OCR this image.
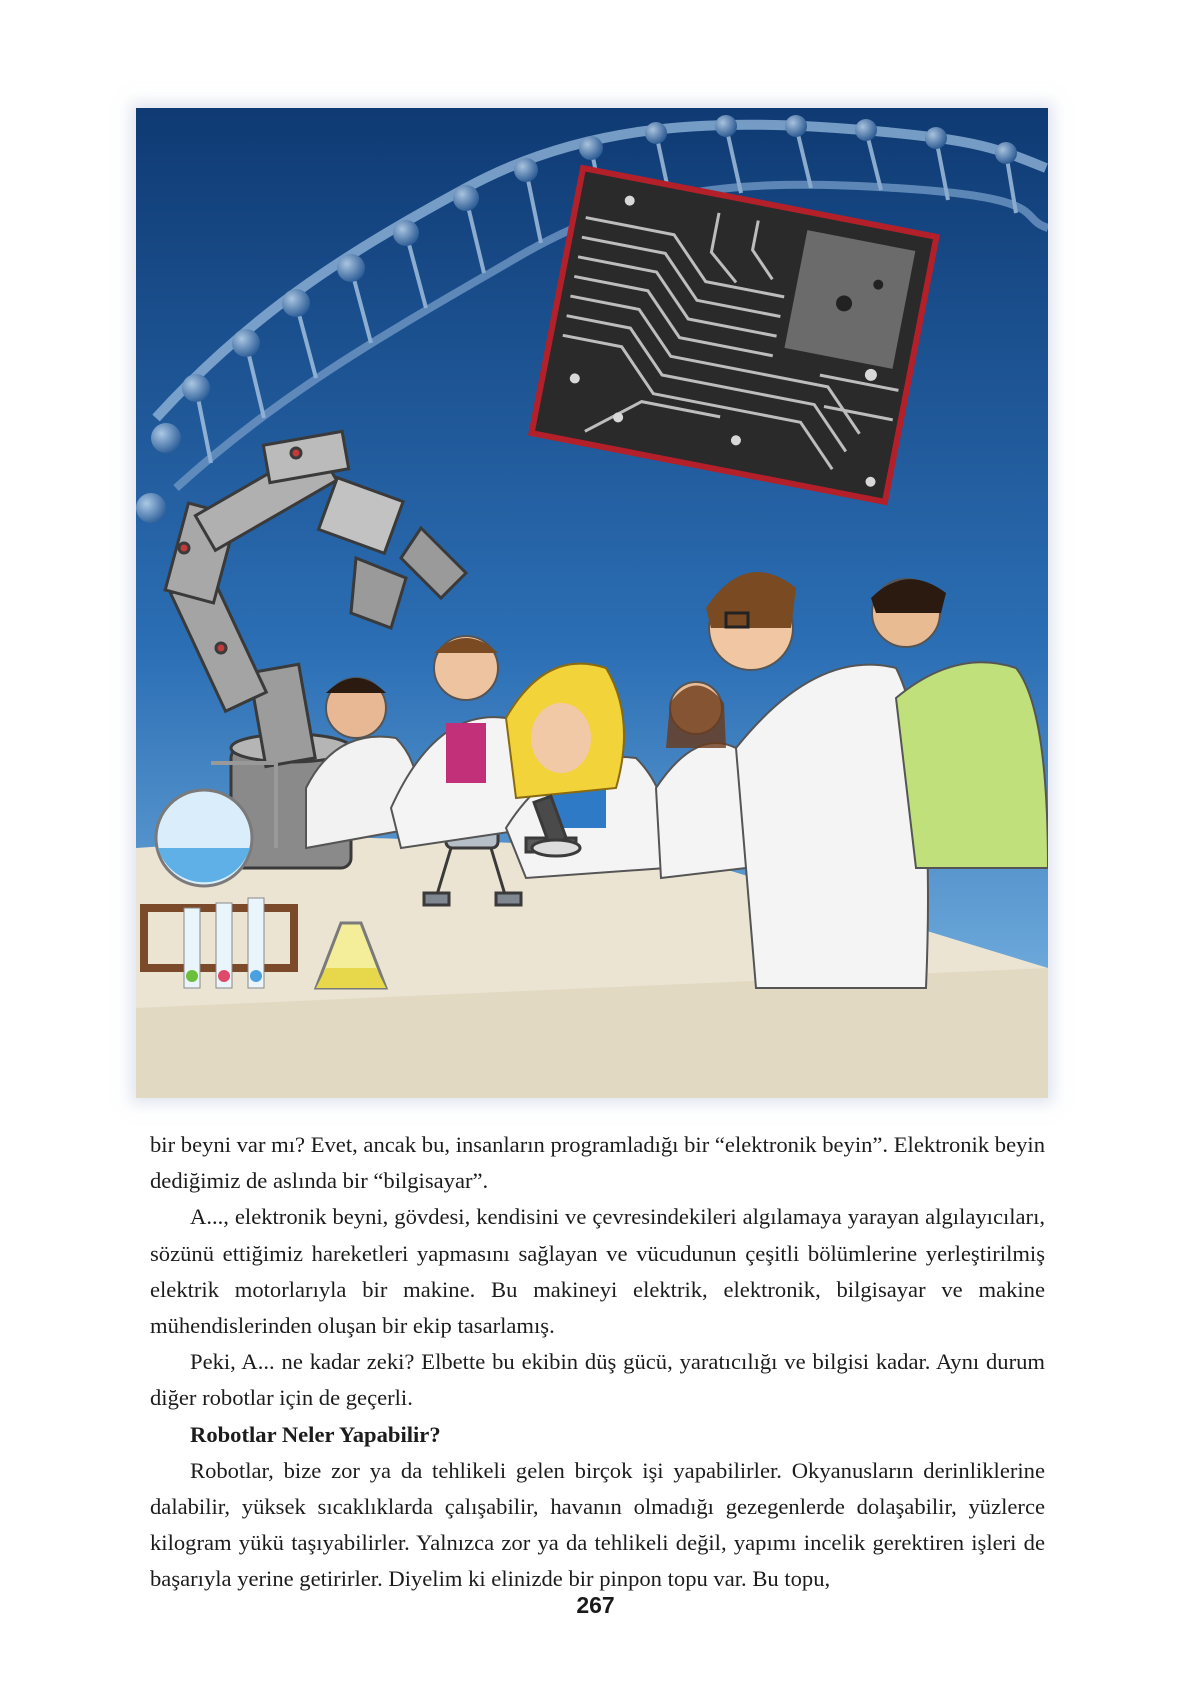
bir beyni var mı? Evet, ancak bu, insanların programladığı bir “elektronik beyin”. Elektronik beyin dediğimiz de aslında bir “bilgisayar”.

A..., elektronik beyni, gövdesi, kendisini ve çevresindekileri algılamaya yarayan algılayıcıları, sözünü ettiğimiz hareketleri yapmasını sağlayan ve vücudunun çeşitli bölümlerine yerleştirilmiş elektrik motorlarıyla bir makine. Bu makineyi elektrik, elektronik, bilgisayar ve makine mühendislerinden oluşan bir ekip tasarlamış.

Peki, A... ne kadar zeki? Elbette bu ekibin düş gücü, yaratıcılığı ve bilgisi kadar. Aynı durum diğer robotlar için de geçerli.

Robotlar Neler Yapabilir?

Robotlar, bize zor ya da tehlikeli gelen birçok işi yapabilirler. Okyanusların derinliklerine dalabilir, yüksek sıcaklıklarda çalışabilir, havanın olmadığı gezegenlerde dolaşabilir, yüzlerce kilogram yükü taşıyabilirler. Yalnızca zor ya da tehlikeli değil, yapımı incelik gerektiren işleri de başarıyla yerine getirirler. Diyelim ki elinizde bir pinpon topu var. Bu topu,

267
